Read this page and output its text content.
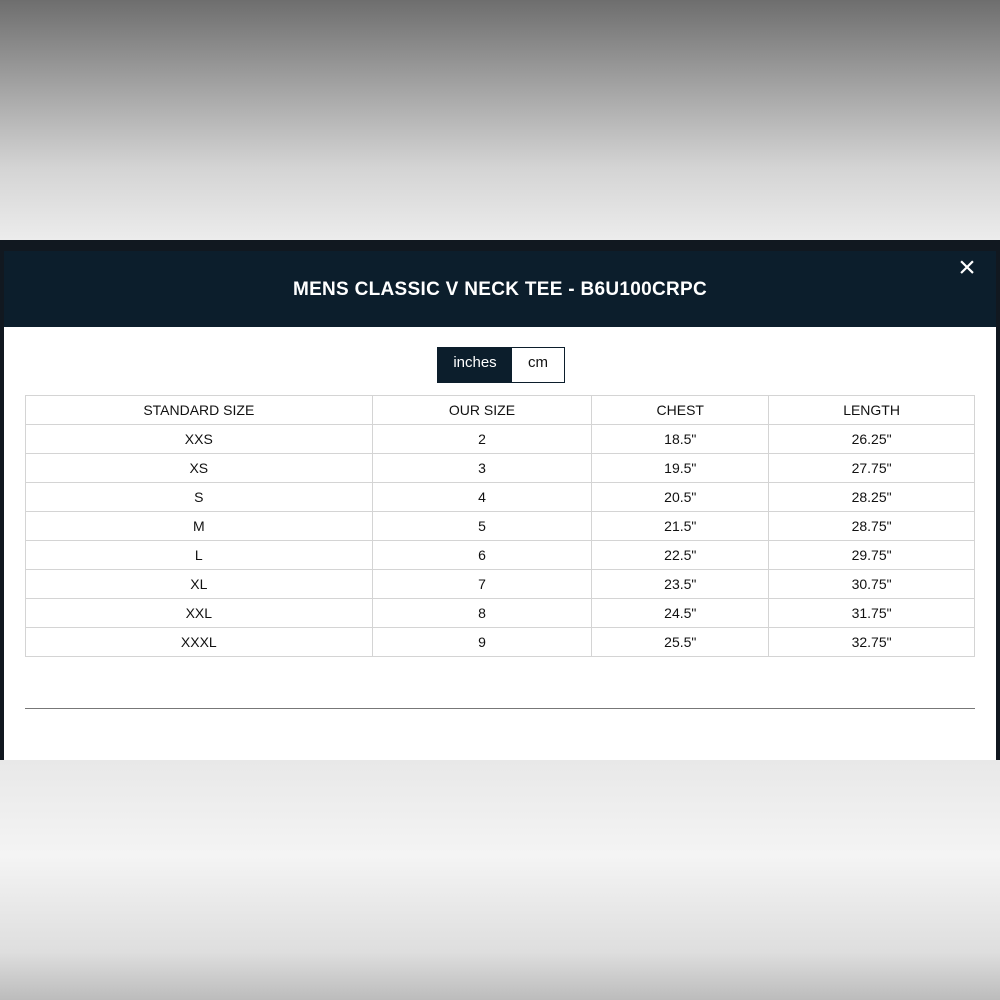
MENS CLASSIC V NECK TEE - B6U100CRPC
×
inches	cm
STANDARD SIZE	OUR SIZE	CHEST	LENGTH
XXS	2	18.5"	26.25"
XS	3	19.5"	27.75"
S	4	20.5"	28.25"
M	5	21.5"	28.75"
L	6	22.5"	29.75"
XL	7	23.5"	30.75"
XXL	8	24.5"	31.75"
XXXL	9	25.5"	32.75"
